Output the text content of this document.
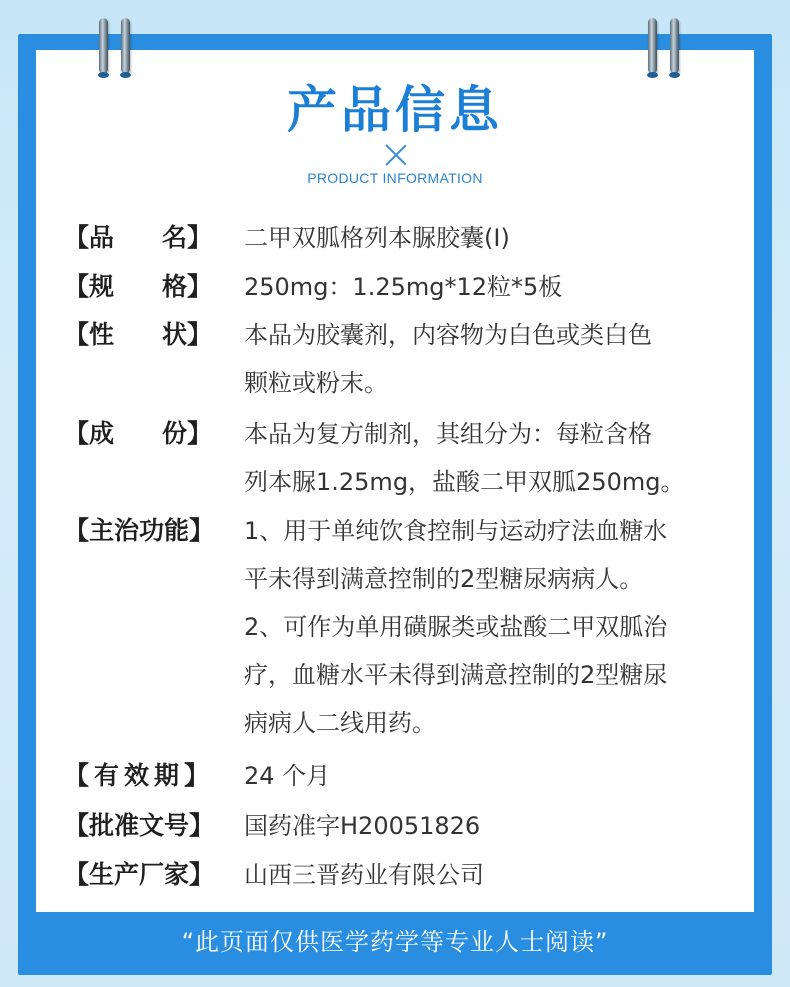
产品信息
PRODUCT INFORMATION
【品 名】 二甲双胍格列本脲胶囊(Ⅰ)

【规 格】 250mg：1.25mg*12粒*5板

【性 状】 本品为胶囊剂，内容物为白色或类白色

颗粒或粉末。

【成 份】 本品为复方制剂，其组分为：每粒含格

列本脲1.25mg，盐酸二甲双胍250mg。

【主治功能】 1、用于单纯饮食控制与运动疗法血糖水

平未得到满意控制的2型糖尿病病人。

2、可作为单用磺脲类或盐酸二甲双胍治

疗，血糖水平未得到满意控制的2型糖尿

病病人二线用药。

【有效期】 24 个月

【批准文号】 国药准字H20051826

【生产厂家】 山西三晋药业有限公司

“此页面仅供医学药学等专业人士阅读”
